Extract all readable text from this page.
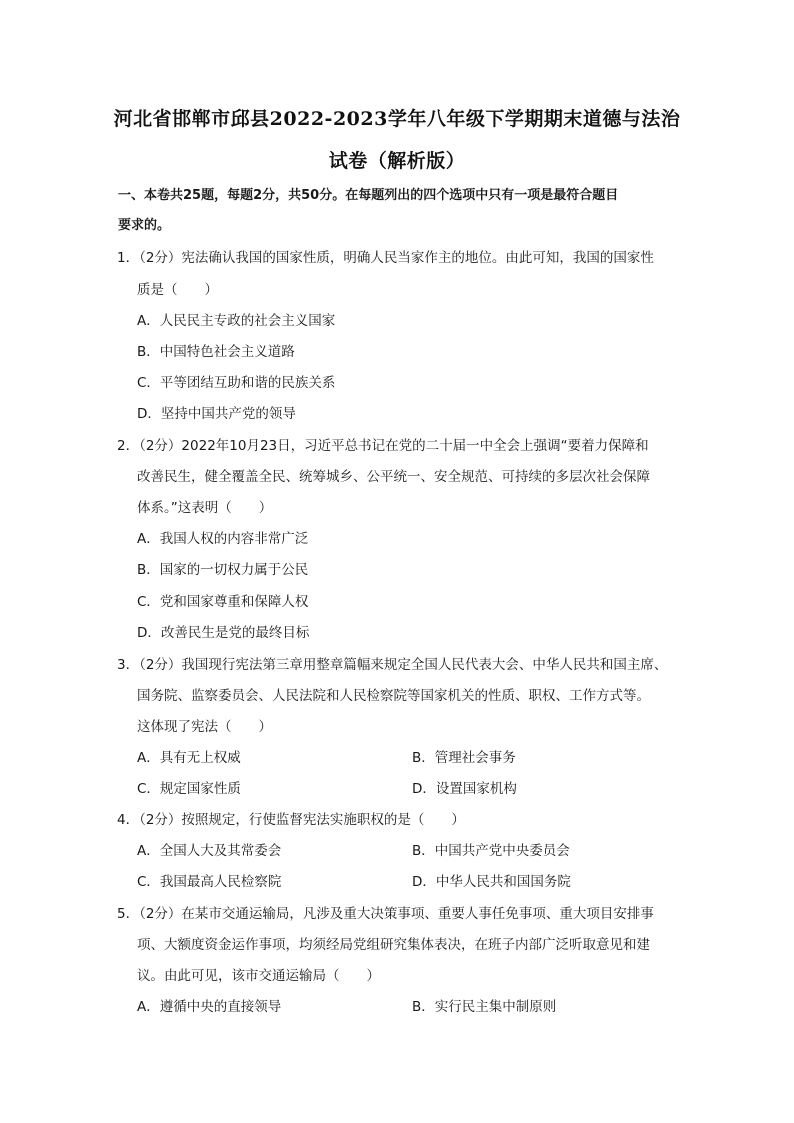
河北省邯郸市邱县2022-2023学年八年级下学期期末道德与法治
试卷（解析版）
一、本卷共25题，每题2分，共50分。在每题列出的四个选项中只有一项是最符合题目
要求的。
1．（2分）宪法确认我国的国家性质，明确人民当家作主的地位。由此可知，我国的国家性
质是（　　）
A．人民民主专政的社会主义国家
B．中国特色社会主义道路
C．平等团结互助和谐的民族关系
D．坚持中国共产党的领导
2．（2分）2022年10月23日，习近平总书记在党的二十届一中全会上强调“要着力保障和
改善民生，健全覆盖全民、统筹城乡、公平统一、安全规范、可持续的多层次社会保障
体系。”这表明（　　）
A．我国人权的内容非常广泛
B．国家的一切权力属于公民
C．党和国家尊重和保障人权
D．改善民生是党的最终目标
3．（2分）我国现行宪法第三章用整章篇幅来规定全国人民代表大会、中华人民共和国主席、
国务院、监察委员会、人民法院和人民检察院等国家机关的性质、职权、工作方式等。
这体现了宪法（　　）
A．具有无上权威	B．管理社会事务
C．规定国家性质	D．设置国家机构
4．（2分）按照规定，行使监督宪法实施职权的是（　　）
A．全国人大及其常委会	B．中国共产党中央委员会
C．我国最高人民检察院	D．中华人民共和国国务院
5．（2分）在某市交通运输局，凡涉及重大决策事项、重要人事任免事项、重大项目安排事
项、大额度资金运作事项，均须经局党组研究集体表决，在班子内部广泛听取意见和建
议。由此可见，该市交通运输局（　　）
A．遵循中央的直接领导	B．实行民主集中制原则
